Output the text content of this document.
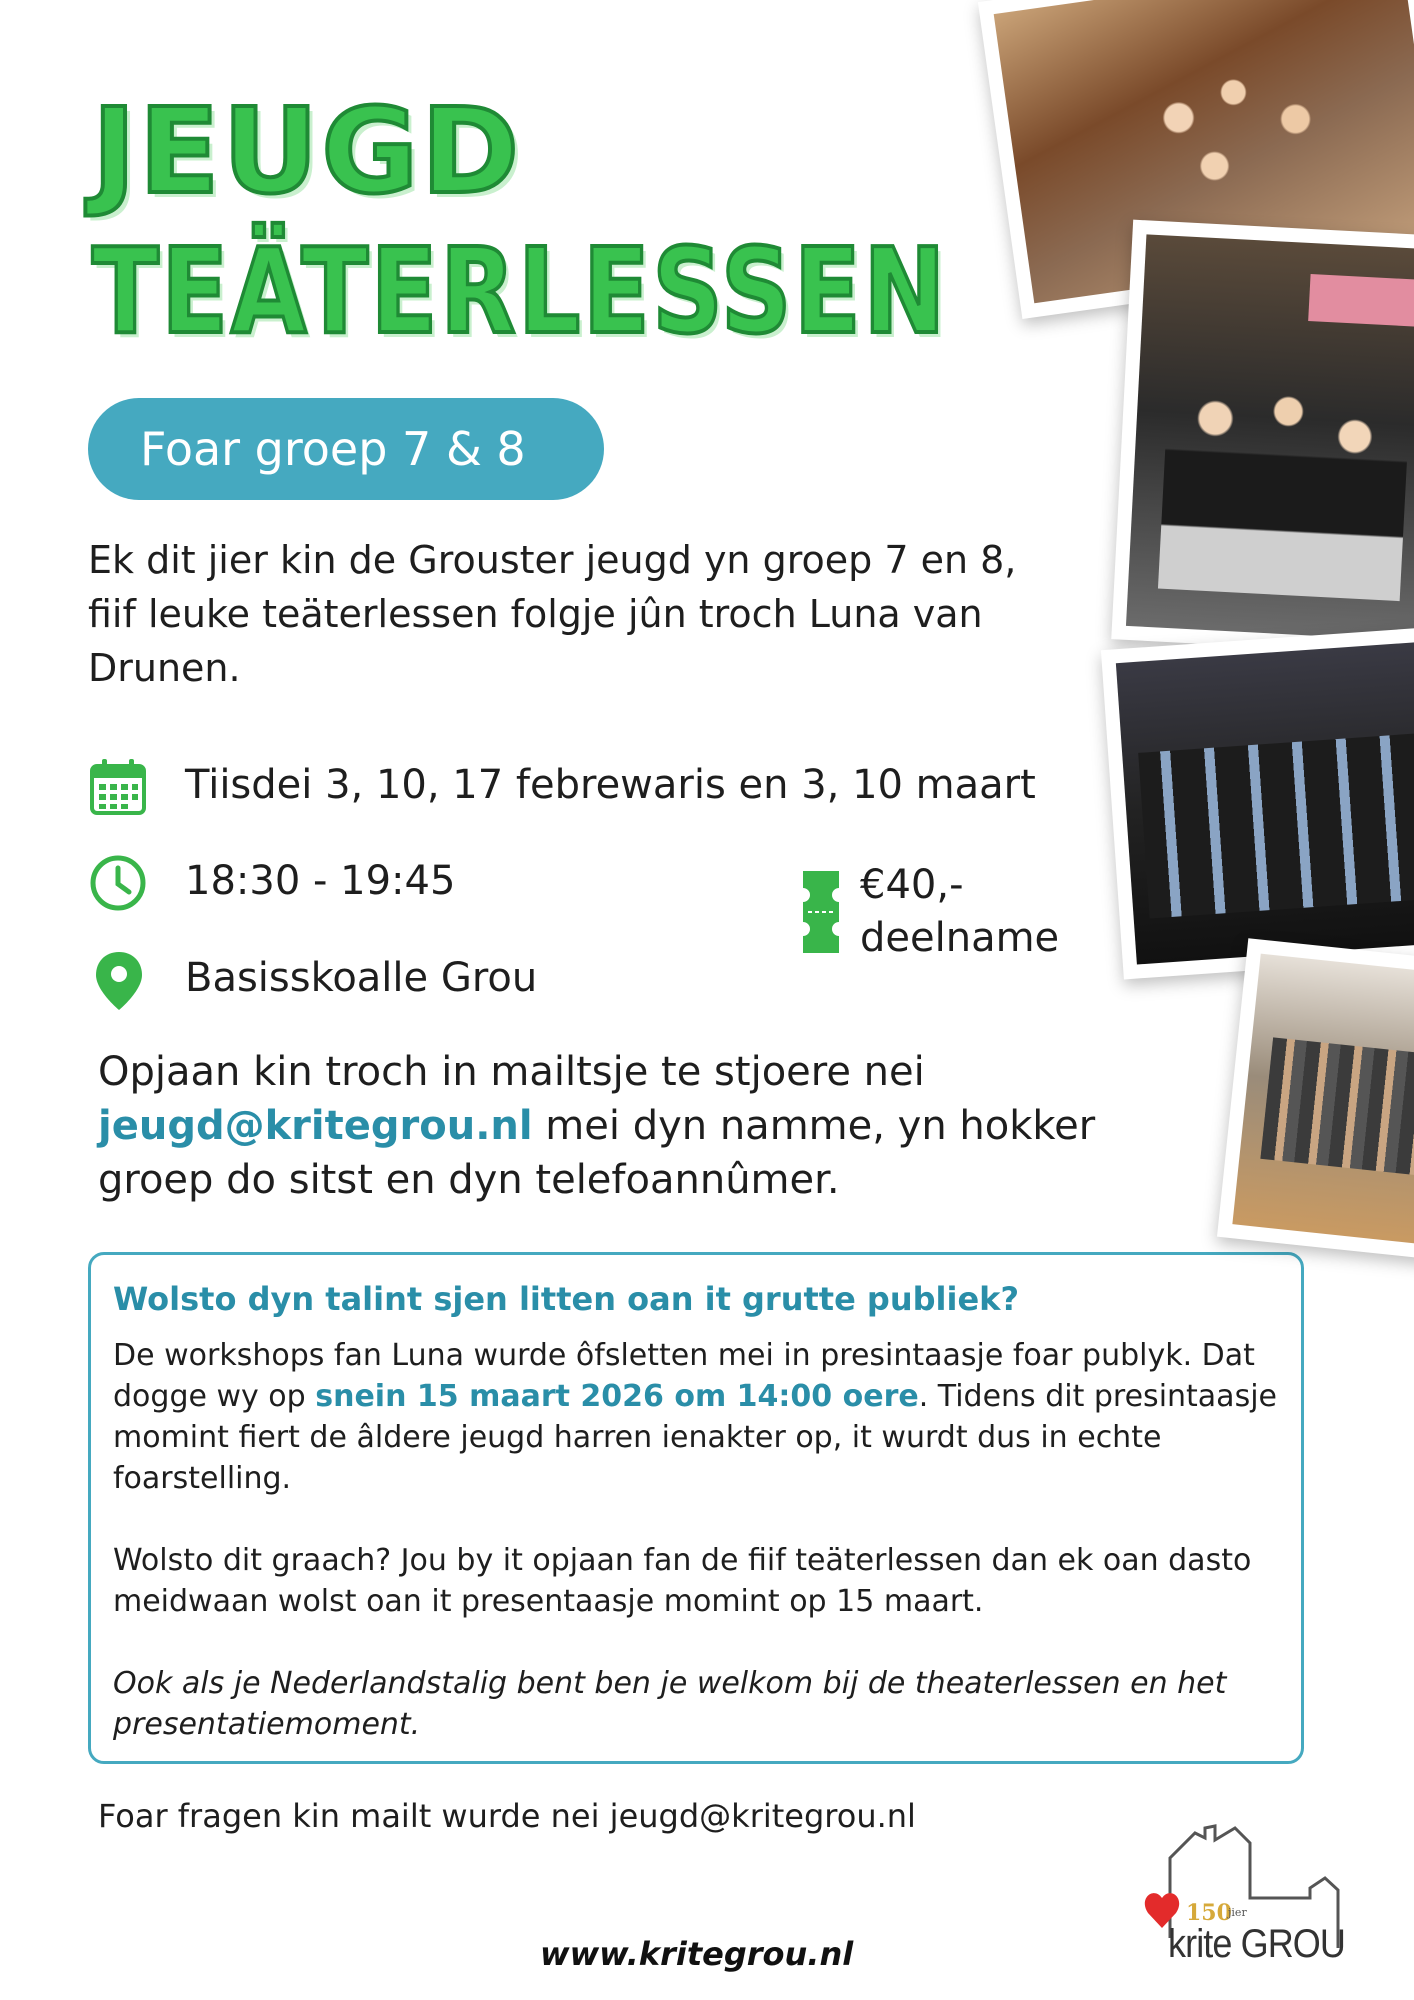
JEUGD
TEÄTERLESSEN
Foar groep 7 & 8
Ek dit jier kin de Grouster jeugd yn groep 7 en 8, fiif leuke teäterlessen folgje jûn troch Luna van Drunen.
Tiisdei 3, 10, 17 febrewaris en 3, 10 maart
18:30 - 19:45
Basisskoalle Grou
€40,-
deelname
Opjaan kin troch in mailtsje te stjoere nei
jeugd@kritegrou.nl mei dyn namme, yn hokker groep do sitst en dyn telefoannûmer.
Wolsto dyn talint sjen litten oan it grutte publiek?

De workshops fan Luna wurde ôfsletten mei in presintaasje foar publyk. Dat dogge wy op snein 15 maart 2026 om 14:00 oere. Tidens dit presintaasje momint fiert de âldere jeugd harren ienakter op, it wurdt dus in echte foarstelling.

Wolsto dit graach? Jou by it opjaan fan de fiif teäterlessen dan ek oan dasto meidwaan wolst oan it presentaasje momint op 15 maart.

Ook als je Nederlandstalig bent ben je welkom bij de theaterlessen en het presentatiemoment.

Foar fragen kin mailt wurde nei jeugd@kritegrou.nl
www.kritegrou.nl
150
jier
krite GROU
